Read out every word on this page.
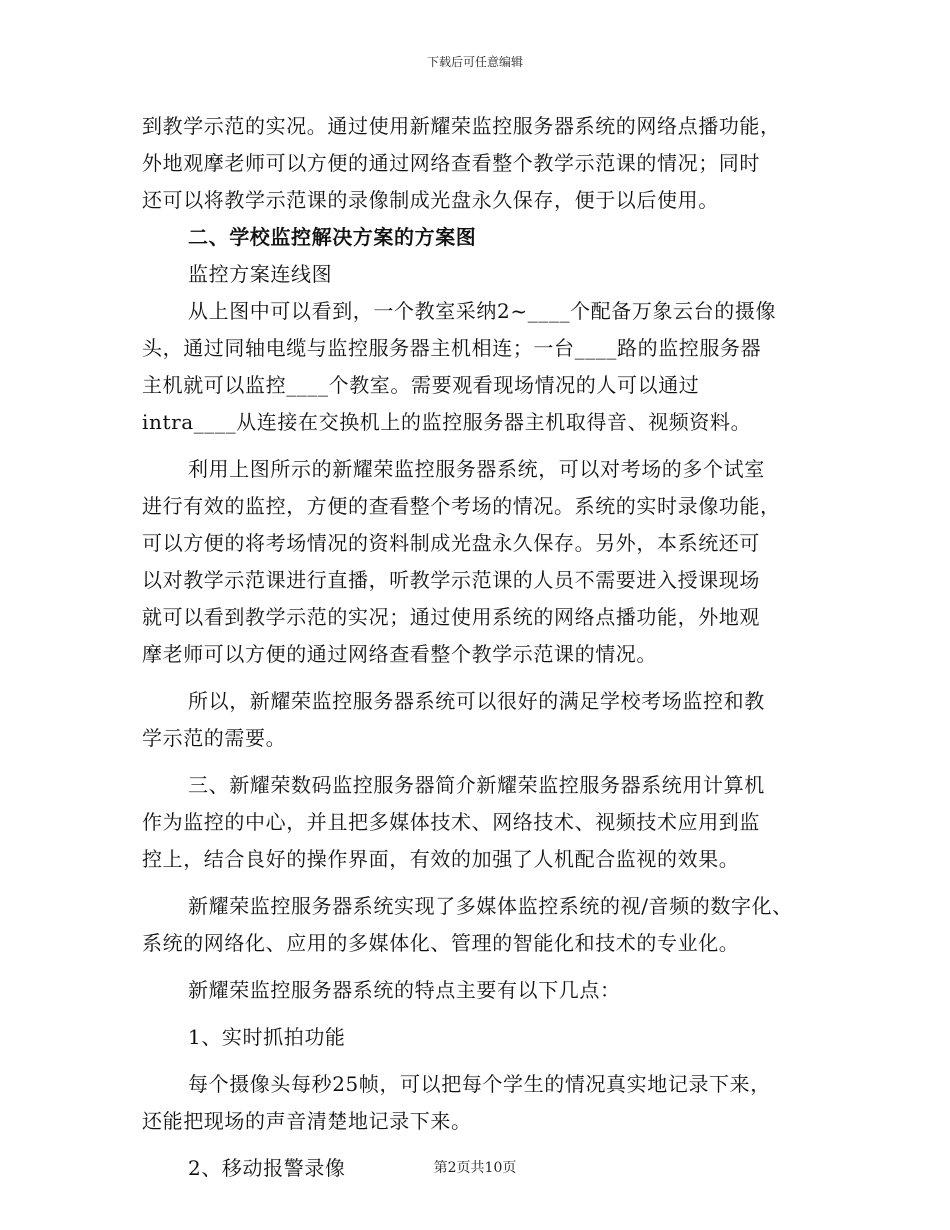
下载后可任意编辑
到教学示范的实况。通过使用新耀荣监控服务器系统的网络点播功能，
外地观摩老师可以方便的通过网络查看整个教学示范课的情况；同时
还可以将教学示范课的录像制成光盘永久保存，便于以后使用。
二、学校监控解决方案的方案图
监控方案连线图
从上图中可以看到，一个教室采纳2~____个配备万象云台的摄像
头，通过同轴电缆与监控服务器主机相连；一台____路的监控服务器
主机就可以监控____个教室。需要观看现场情况的人可以通过
intra____从连接在交换机上的监控服务器主机取得音、视频资料。
利用上图所示的新耀荣监控服务器系统，可以对考场的多个试室
进行有效的监控，方便的查看整个考场的情况。系统的实时录像功能，
可以方便的将考场情况的资料制成光盘永久保存。另外，本系统还可
以对教学示范课进行直播，听教学示范课的人员不需要进入授课现场
就可以看到教学示范的实况；通过使用系统的网络点播功能，外地观
摩老师可以方便的通过网络查看整个教学示范课的情况。
所以，新耀荣监控服务器系统可以很好的满足学校考场监控和教
学示范的需要。
三、新耀荣数码监控服务器简介新耀荣监控服务器系统用计算机
作为监控的中心，并且把多媒体技术、网络技术、视频技术应用到监
控上，结合良好的操作界面，有效的加强了人机配合监视的效果。
新耀荣监控服务器系统实现了多媒体监控系统的视/音频的数字化、
系统的网络化、应用的多媒体化、管理的智能化和技术的专业化。
新耀荣监控服务器系统的特点主要有以下几点：
1、实时抓拍功能
每个摄像头每秒25帧，可以把每个学生的情况真实地记录下来，
还能把现场的声音清楚地记录下来。
2、移动报警录像	第2页共10页
